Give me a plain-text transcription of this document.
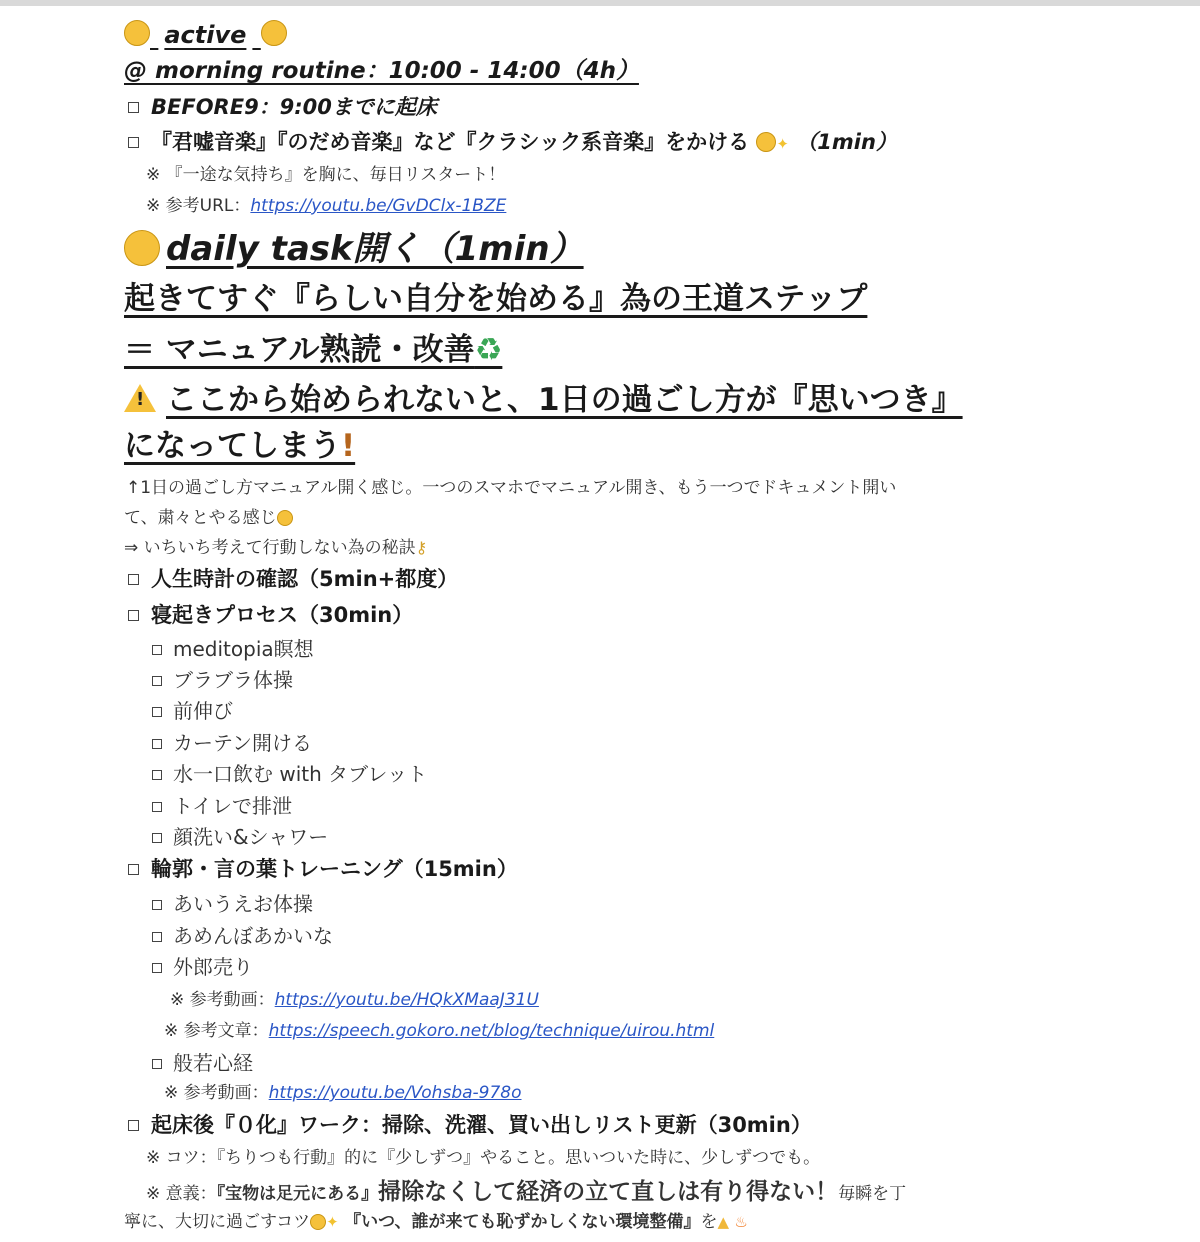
active
@ morning routine：10:00 - 14:00（4h）
BEFORE9：9:00までに起床
『君嘘音楽』『のだめ音楽』など『クラシック系音楽』をかける ✦ （1min）
※ 『一途な気持ち』を胸に、毎日リスタート！
※ 参考URL：https://youtu.be/GvDClx-1BZE
daily task開く（1min）
起きてすぐ『らしい自分を始める』為の王道ステップ
＝ マニュアル熟読・改善♻
!ここから始められないと、1日の過ごし方が『思いつき』
になってしまう!
↑1日の過ごし方マニュアル開く感じ。一つのスマホでマニュアル開き、もう一つでドキュメント開い
て、粛々とやる感じ
⇒ いちいち考えて行動しない為の秘訣⚷
人生時計の確認（5min+都度）
寝起きプロセス（30min）
meditopia瞑想
ブラブラ体操
前伸び
カーテン開ける
水一口飲む with タブレット
トイレで排泄
顔洗い&シャワー
輪郭・言の葉トレーニング（15min）
あいうえお体操
あめんぼあかいな
外郎売り
※ 参考動画：https://youtu.be/HQkXMaaJ31U
※ 参考文章：https://speech.gokoro.net/blog/technique/uirou.html
般若心経
※ 参考動画：https://youtu.be/Vohsba-978o
起床後『０化』ワーク：掃除、洗濯、買い出しリスト更新（30min）
※ コツ：『ちりつも行動』的に『少しずつ』やること。思いついた時に、少しずつでも。
※ 意義：『宝物は足元にある』掃除なくして経済の立て直しは有り得ない！毎瞬を丁
寧に、大切に過ごすコツ ✦ 『いつ、誰が来ても恥ずかしくない環境整備』を▲ ♨
